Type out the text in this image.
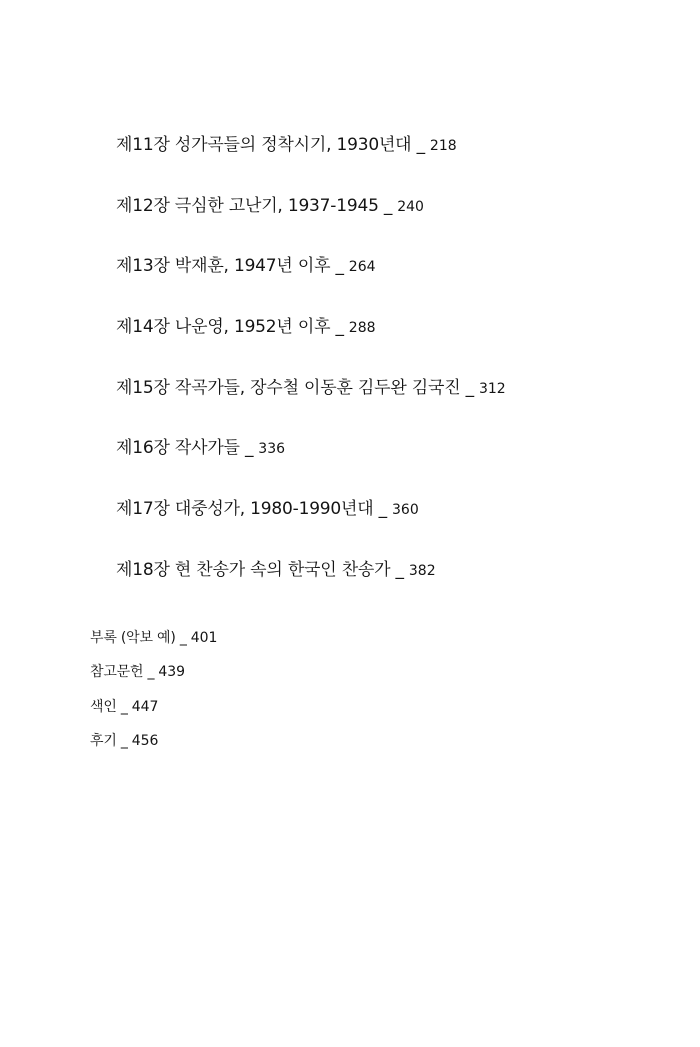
제11장 성가곡들의 정착시기, 1930년대 _ 218
제12장 극심한 고난기, 1937-1945 _ 240
제13장 박재훈, 1947년 이후 _ 264
제14장 나운영, 1952년 이후 _ 288
제15장 작곡가들, 장수철 이동훈 김두완 김국진 _ 312
제16장 작사가들 _ 336
제17장 대중성가, 1980-1990년대 _ 360
제18장 현 찬송가 속의 한국인 찬송가 _ 382
부록 (악보 예) _ 401
참고문헌 _ 439
색인 _ 447
후기 _ 456
